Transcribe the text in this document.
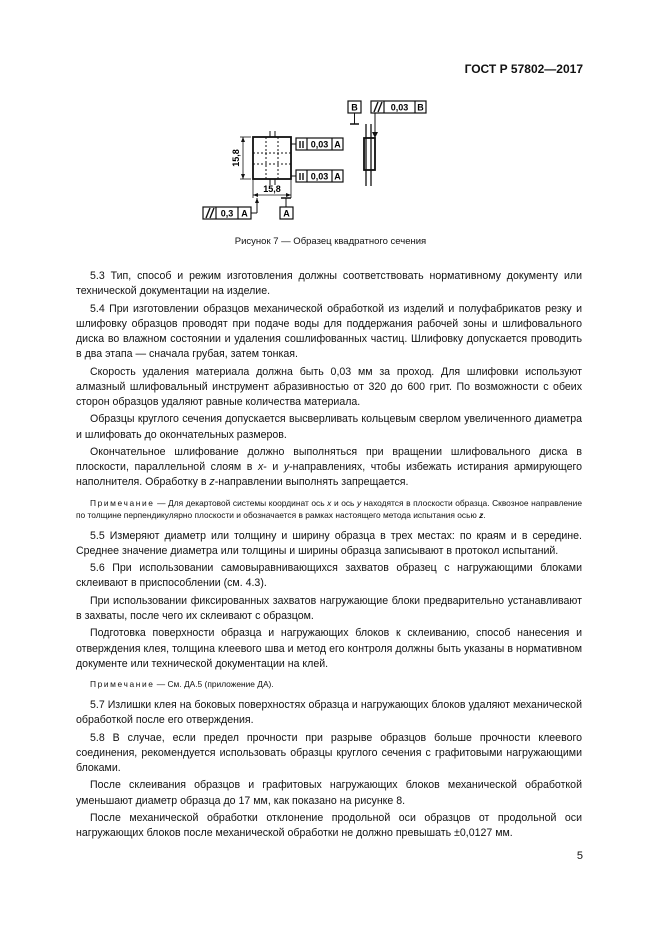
ГОСТ Р 57802—2017
B	0,03 B
15,8
15,8
0,03 A
0,03 A
0,3 A	A
Рисунок 7 — Образец квадратного сечения

5.3 Тип, способ и режим изготовления должны соответствовать нормативному документу или технической документации на изделие.

5.4 При изготовлении образцов механической обработкой из изделий и полуфабрикатов резку и шлифовку образцов проводят при подаче воды для поддержания рабочей зоны и шлифовального диска во влажном состоянии и удаления сошлифованных частиц. Шлифовку допускается проводить в два этапа — сначала грубая, затем тонкая.

Скорость удаления материала должна быть 0,03 мм за проход. Для шлифовки используют алмазный шлифовальный инструмент абразивностью от 320 до 600 грит. По возможности с обеих сторон образцов удаляют равные количества материала.

Образцы круглого сечения допускается высверливать кольцевым сверлом увеличенного диаметра и шлифовать до окончательных размеров.

Окончательное шлифование должно выполняться при вращении шлифовального диска в плоскости, параллельной слоям в x- и y-направлениях, чтобы избежать истирания армирующего наполнителя. Обработку в z-направлении выполнять запрещается.

Примечание — Для декартовой системы координат ось x и ось y находятся в плоскости образца. Сквозное направление по толщине перпендикулярно плоскости и обозначается в рамках настоящего метода испытания осью z.

5.5 Измеряют диаметр или толщину и ширину образца в трех местах: по краям и в середине. Среднее значение диаметра или толщины и ширины образца записывают в протокол испытаний.

5.6 При использовании самовыравнивающихся захватов образец с нагружающими блоками склеивают в приспособлении (см. 4.3).

При использовании фиксированных захватов нагружающие блоки предварительно устанавливают в захваты, после чего их склеивают с образцом.

Подготовка поверхности образца и нагружающих блоков к склеиванию, способ нанесения и отверждения клея, толщина клеевого шва и метод его контроля должны быть указаны в нормативном документе или технической документации на клей.

Примечание — См. ДА.5 (приложение ДА).

5.7 Излишки клея на боковых поверхностях образца и нагружающих блоков удаляют механической обработкой после его отверждения.

5.8 В случае, если предел прочности при разрыве образцов больше прочности клеевого соединения, рекомендуется использовать образцы круглого сечения с графитовыми нагружающими блоками.

После склеивания образцов и графитовых нагружающих блоков механической обработкой уменьшают диаметр образца до 17 мм, как показано на рисунке 8.

После механической обработки отклонение продольной оси образцов от продольной оси нагружающих блоков после механической обработки не должно превышать ±0,0127 мм.

5
